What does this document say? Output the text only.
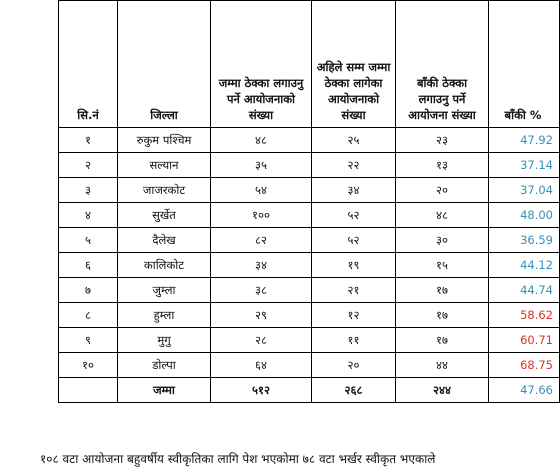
सि.नं	जिल्ला	जम्मा ठेक्का लगाउनु पर्ने आयोजनाको संख्या	अहिले सम्म जम्मा ठेक्का लागेका आयोजनाको संख्या	बाँकी ठेक्का लगाउनु पर्ने आयोजना संख्या	बाँकी %
१	रुकुम पश्चिम	४८	२५	२३	47.92
२	सल्यान	३५	२२	१३	37.14
३	जाजरकोट	५४	३४	२०	37.04
४	सुर्खेत	१००	५२	४८	48.00
५	दैलेख	८२	५२	३०	36.59
६	कालिकोट	३४	१९	१५	44.12
७	जुम्ला	३८	२१	१७	44.74
८	हुम्ला	२९	१२	१७	58.62
९	मुगु	२८	११	१७	60.71
१०	डोल्पा	६४	२०	४४	68.75
	जम्मा	५१२	२६८	२४४	47.66
१०८ वटा आयोजना बहुवर्षीय स्वीकृतिका लागि पेश भएकोमा ७८ वटा भर्खर स्वीकृत भएकाले
